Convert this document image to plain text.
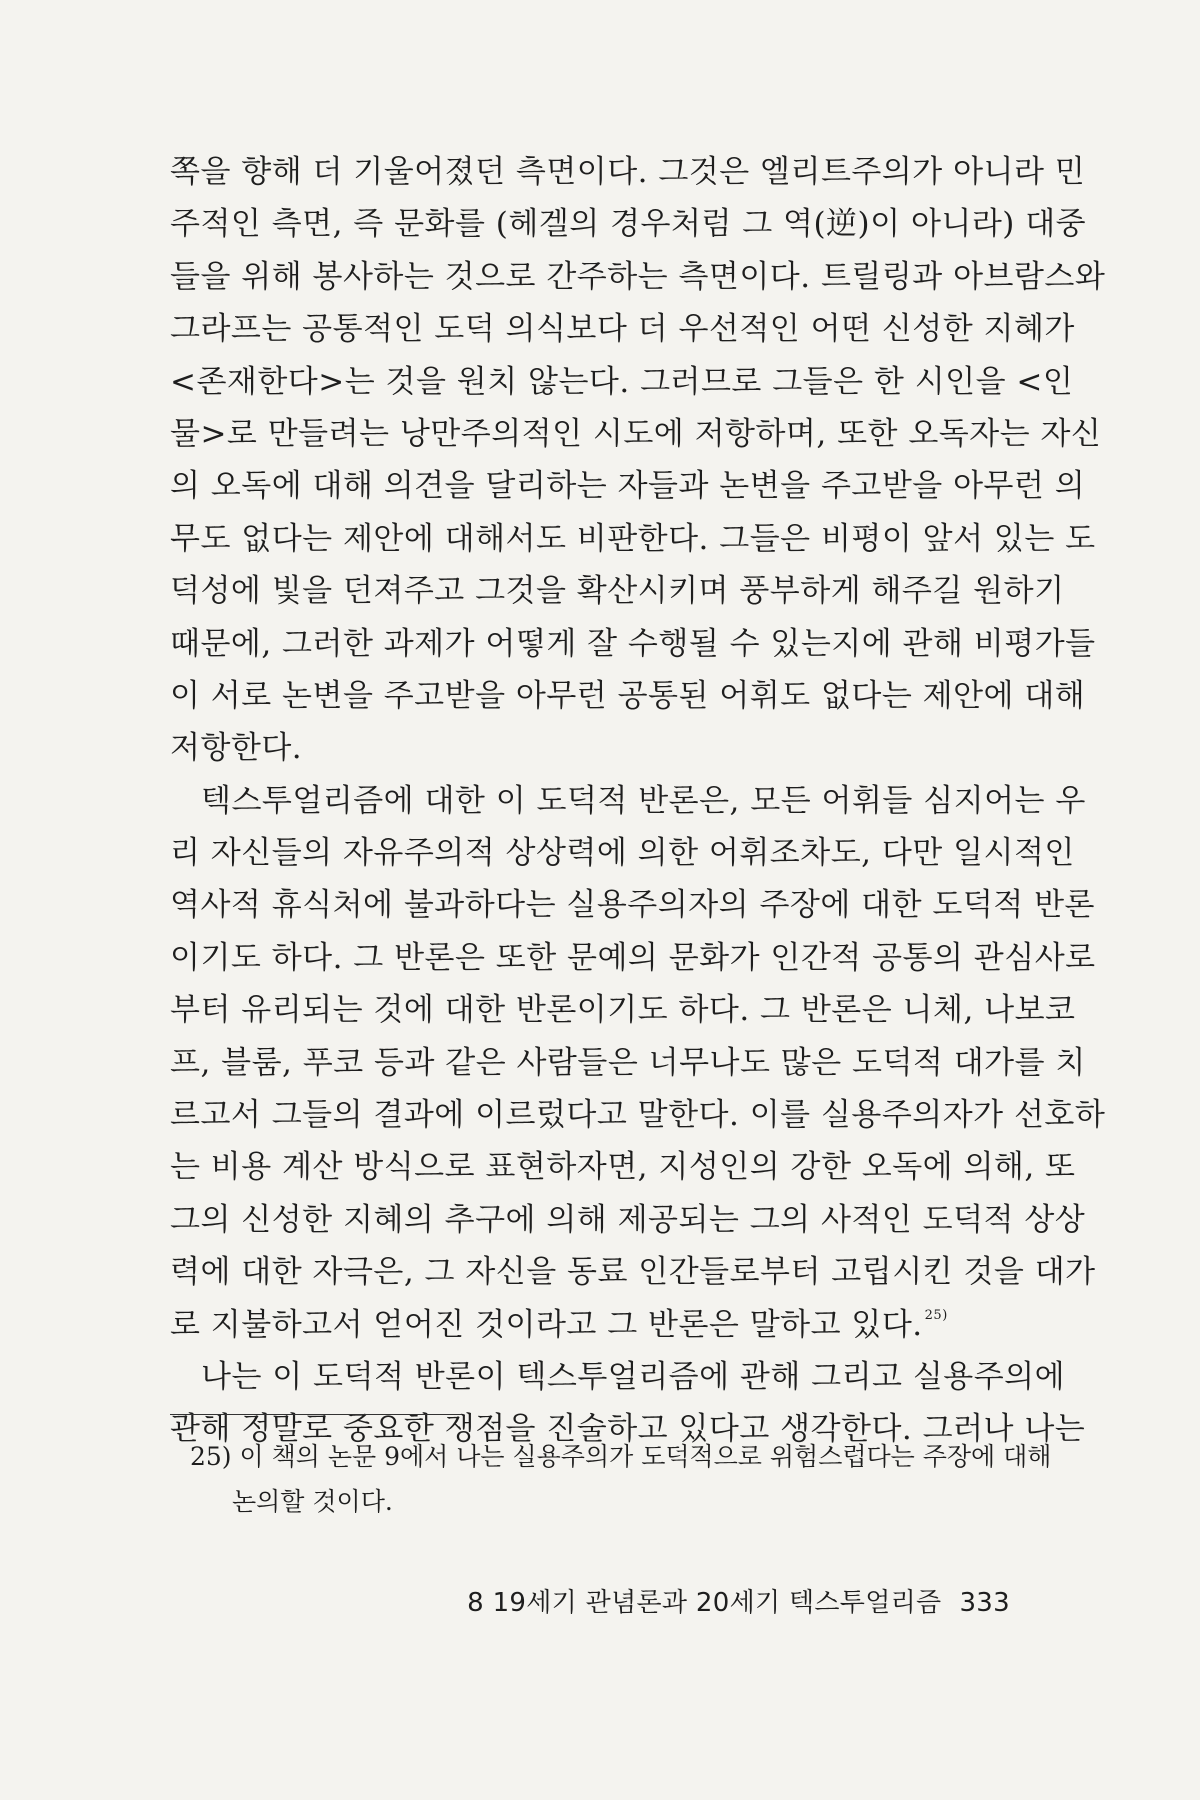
쪽을 향해 더 기울어졌던 측면이다. 그것은 엘리트주의가 아니라 민
주적인 측면, 즉 문화를 (헤겔의 경우처럼 그 역(逆)이 아니라) 대중
들을 위해 봉사하는 것으로 간주하는 측면이다. 트릴링과 아브람스와
그라프는 공통적인 도덕 의식보다 더 우선적인 어떤 신성한 지혜가
<존재한다>는 것을 원치 않는다. 그러므로 그들은 한 시인을 <인
물>로 만들려는 낭만주의적인 시도에 저항하며, 또한 오독자는 자신
의 오독에 대해 의견을 달리하는 자들과 논변을 주고받을 아무런 의
무도 없다는 제안에 대해서도 비판한다. 그들은 비평이 앞서 있는 도
덕성에 빛을 던져주고 그것을 확산시키며 풍부하게 해주길 원하기
때문에, 그러한 과제가 어떻게 잘 수행될 수 있는지에 관해 비평가들
이 서로 논변을 주고받을 아무런 공통된 어휘도 없다는 제안에 대해
저항한다.
텍스투얼리즘에 대한 이 도덕적 반론은, 모든 어휘들 심지어는 우
리 자신들의 자유주의적 상상력에 의한 어휘조차도, 다만 일시적인
역사적 휴식처에 불과하다는 실용주의자의 주장에 대한 도덕적 반론
이기도 하다. 그 반론은 또한 문예의 문화가 인간적 공통의 관심사로
부터 유리되는 것에 대한 반론이기도 하다. 그 반론은 니체, 나보코
프, 블룸, 푸코 등과 같은 사람들은 너무나도 많은 도덕적 대가를 치
르고서 그들의 결과에 이르렀다고 말한다. 이를 실용주의자가 선호하
는 비용 계산 방식으로 표현하자면, 지성인의 강한 오독에 의해, 또
그의 신성한 지혜의 추구에 의해 제공되는 그의 사적인 도덕적 상상
력에 대한 자극은, 그 자신을 동료 인간들로부터 고립시킨 것을 대가
로 지불하고서 얻어진 것이라고 그 반론은 말하고 있다. $^{25)}$
나는 이 도덕적 반론이 텍스투얼리즘에 관해 그리고 실용주의에
관해 정말로 중요한 쟁점을 진술하고 있다고 생각한다. 그러나 나는
25) 이 책의 논문 9에서 나는 실용주의가 도덕적으로 위험스럽다는 주장에 대해
논의할 것이다.
8 19세기 관념론과 20세기 텍스투얼리즘 333
